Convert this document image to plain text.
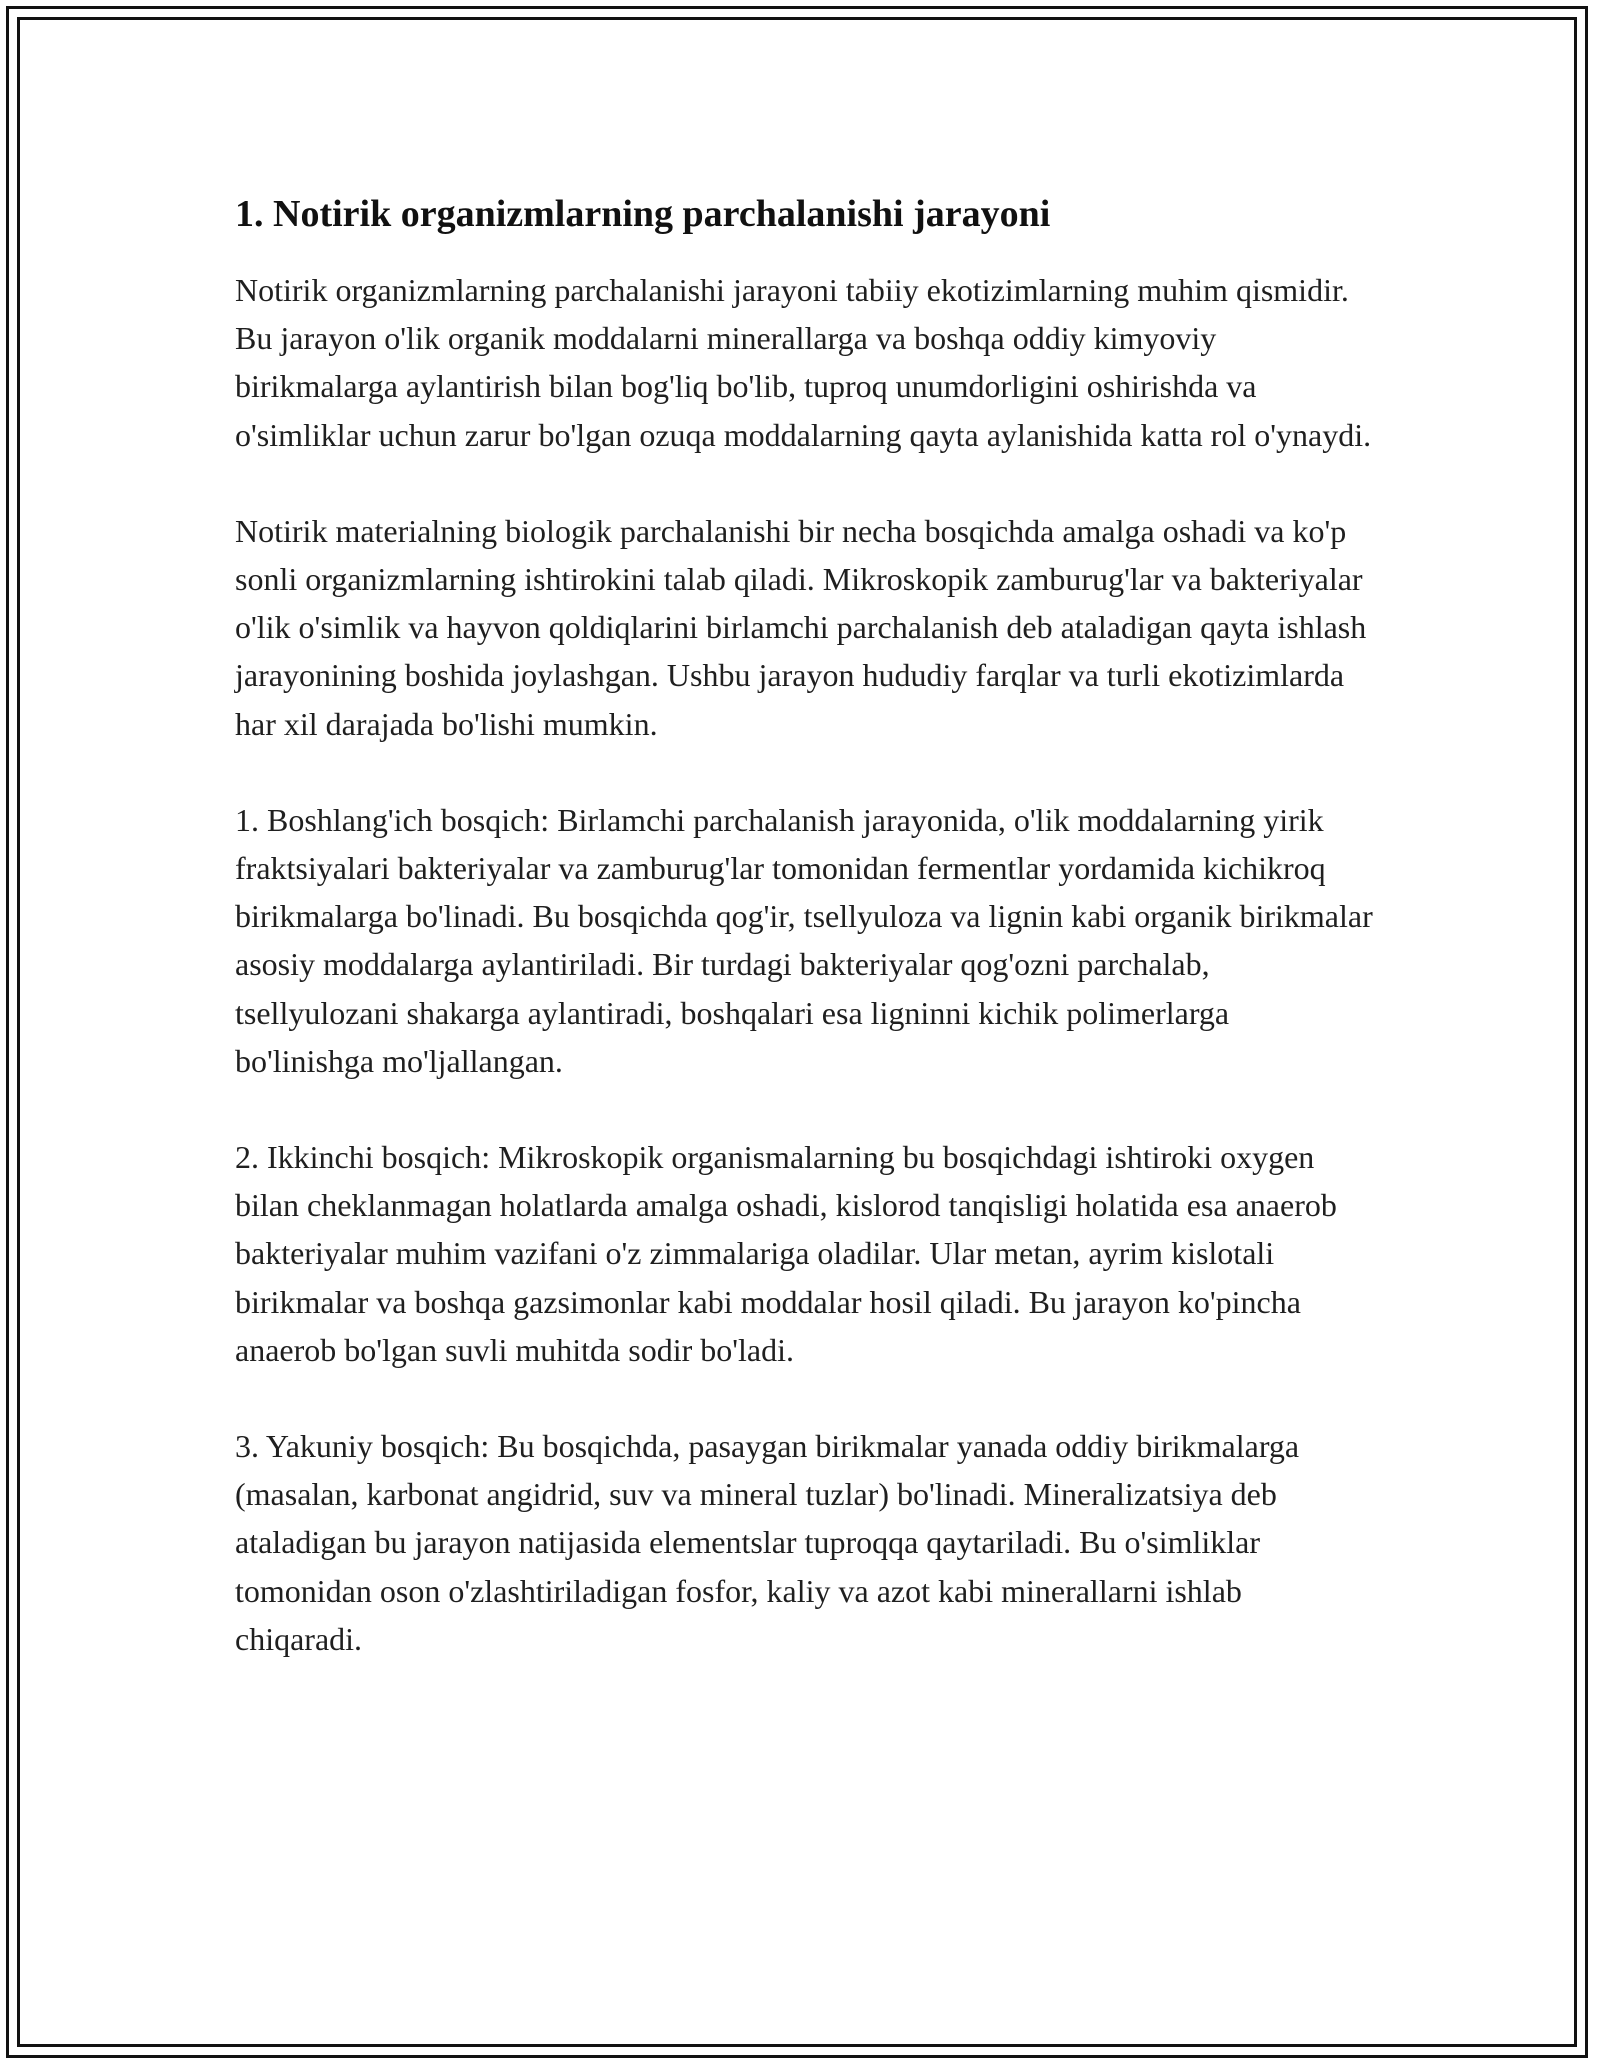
1. Notirik organizmlarning parchalanishi jarayoni

Notirik organizmlarning parchalanishi jarayoni tabiiy ekotizimlarning muhim qismidir. Bu jarayon o'lik organik moddalarni minerallarga va boshqa oddiy kimyoviy birikmalarga aylantirish bilan bog'liq bo'lib, tuproq unumdorligini oshirishda va o'simliklar uchun zarur bo'lgan ozuqa moddalarning qayta aylanishida katta rol o'ynaydi.

Notirik materialning biologik parchalanishi bir necha bosqichda amalga oshadi va ko'p sonli organizmlarning ishtirokini talab qiladi. Mikroskopik zamburug'lar va bakteriyalar o'lik o'simlik va hayvon qoldiqlarini birlamchi parchalanish deb ataladigan qayta ishlash jarayonining boshida joylashgan. Ushbu jarayon hududiy farqlar va turli ekotizimlarda har xil darajada bo'lishi mumkin.

1. Boshlang'ich bosqich: Birlamchi parchalanish jarayonida, o'lik moddalarning yirik fraktsiyalari bakteriyalar va zamburug'lar tomonidan fermentlar yordamida kichikroq birikmalarga bo'linadi. Bu bosqichda qog'ir, tsellyuloza va lignin kabi organik birikmalar asosiy moddalarga aylantiriladi. Bir turdagi bakteriyalar qog'ozni parchalab, tsellyulozani shakarga aylantiradi, boshqalari esa ligninni kichik polimerlarga bo'linishga mo'ljallangan.

2. Ikkinchi bosqich: Mikroskopik organismalarning bu bosqichdagi ishtiroki oxygen bilan cheklanmagan holatlarda amalga oshadi, kislorod tanqisligi holatida esa anaerob bakteriyalar muhim vazifani o'z zimmalariga oladilar. Ular metan, ayrim kislotali birikmalar va boshqa gazsimonlar kabi moddalar hosil qiladi. Bu jarayon ko'pincha anaerob bo'lgan suvli muhitda sodir bo'ladi.

3. Yakuniy bosqich: Bu bosqichda, pasaygan birikmalar yanada oddiy birikmalarga (masalan, karbonat angidrid, suv va mineral tuzlar) bo'linadi. Mineralizatsiya deb ataladigan bu jarayon natijasida elementslar tuproqqa qaytariladi. Bu o'simliklar tomonidan oson o'zlashtiriladigan fosfor, kaliy va azot kabi minerallarni ishlab chiqaradi.
